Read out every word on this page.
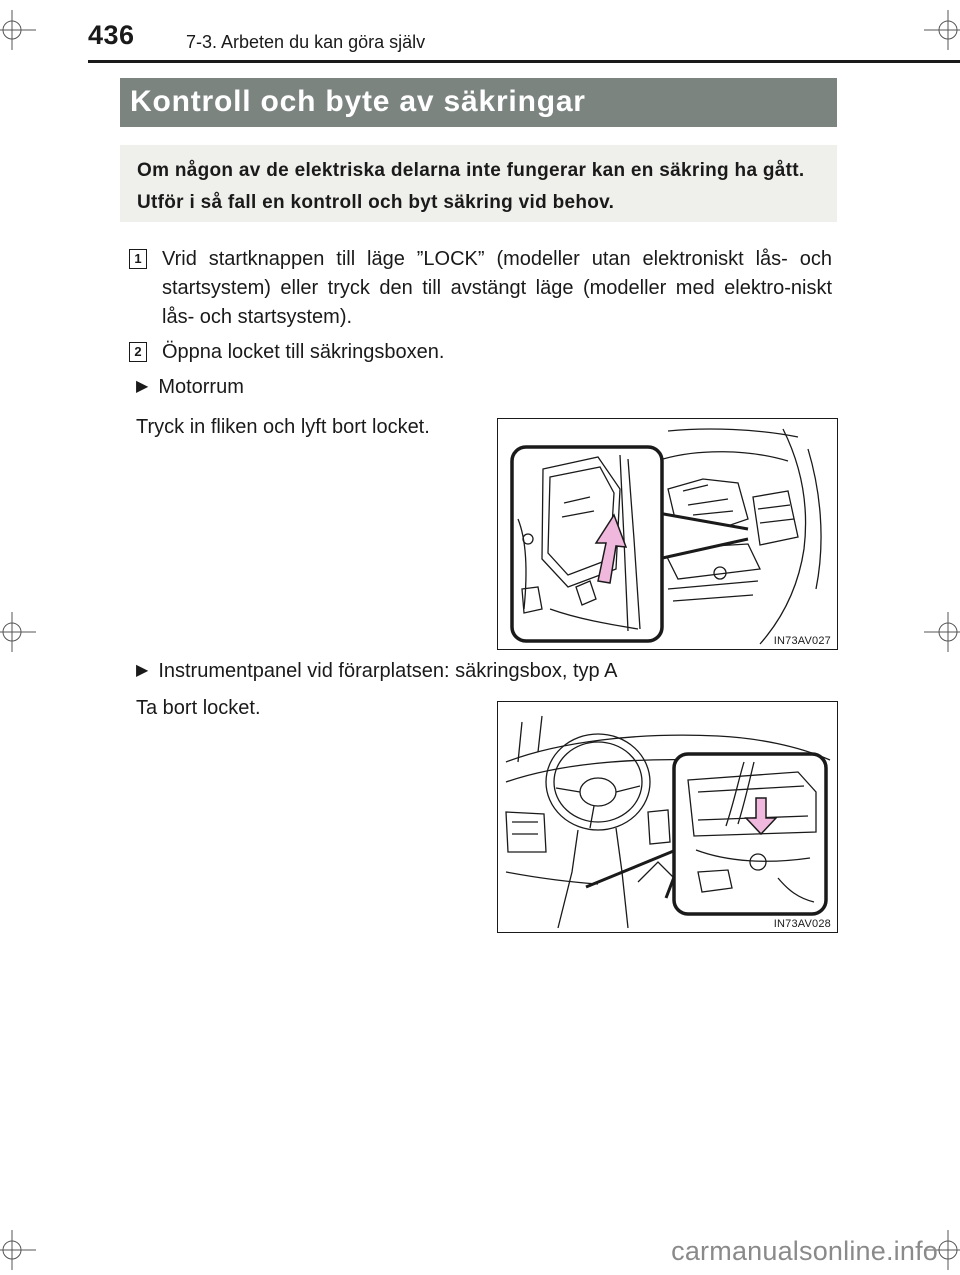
436	7-3. Arbeten du kan göra själv
Kontroll och byte av säkringar
Om någon av de elektriska delarna inte fungerar kan en säkring ha gått. Utför i så fall en kontroll och byt säkring vid behov.
1 Vrid startknappen till läge ”LOCK” (modeller utan elektroniskt lås- och startsystem) eller tryck den till avstängt läge (modeller med elektro-niskt lås- och startsystem).
2 Öppna locket till säkringsboxen.
▶ Motorrum
Tryck in fliken och lyft bort locket.
IN73AV027
▶ Instrumentpanel vid förarplatsen: säkringsbox, typ A
Ta bort locket.
IN73AV028
carmanualsonline.info
